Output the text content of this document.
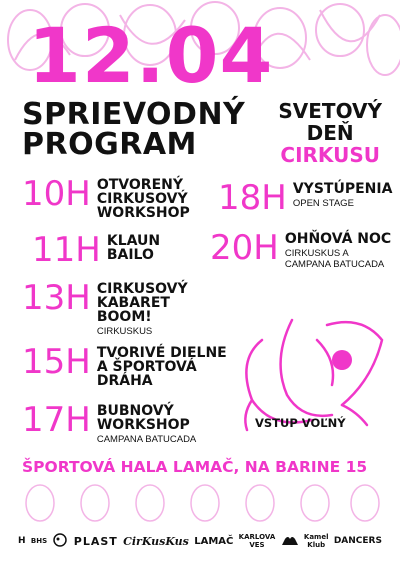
12.04
SPRIEVODNÝ
PROGRAM
SVETOVÝ
DEŇ
CIRKUSU
10H OTVORENÝ
CIRKUSOVÝ
WORKSHOP
11H KLAUN
BAILO
13H CIRKUSOVÝ
KABARET
BOOM!
CIRKUSKUS
15H TVORIVÉ DIELNE
A ŠPORTOVÁ
DRÁHA
17H BUBNOVÝ
WORKSHOP
CAMPANA BATUCADA
18H VYSTÚPENIA
OPEN STAGE
20H OHŇOVÁ NOC
CIRKUSKUS A
CAMPANA BATUCADA
VSTUP VOĽNÝ
ŠPORTOVÁ HALA LAMAČ, NA BARINE 15
H BHS PLAST CirKusKus LAMAČ KARLOVA
VES
Kamel
Klub DANCERS
